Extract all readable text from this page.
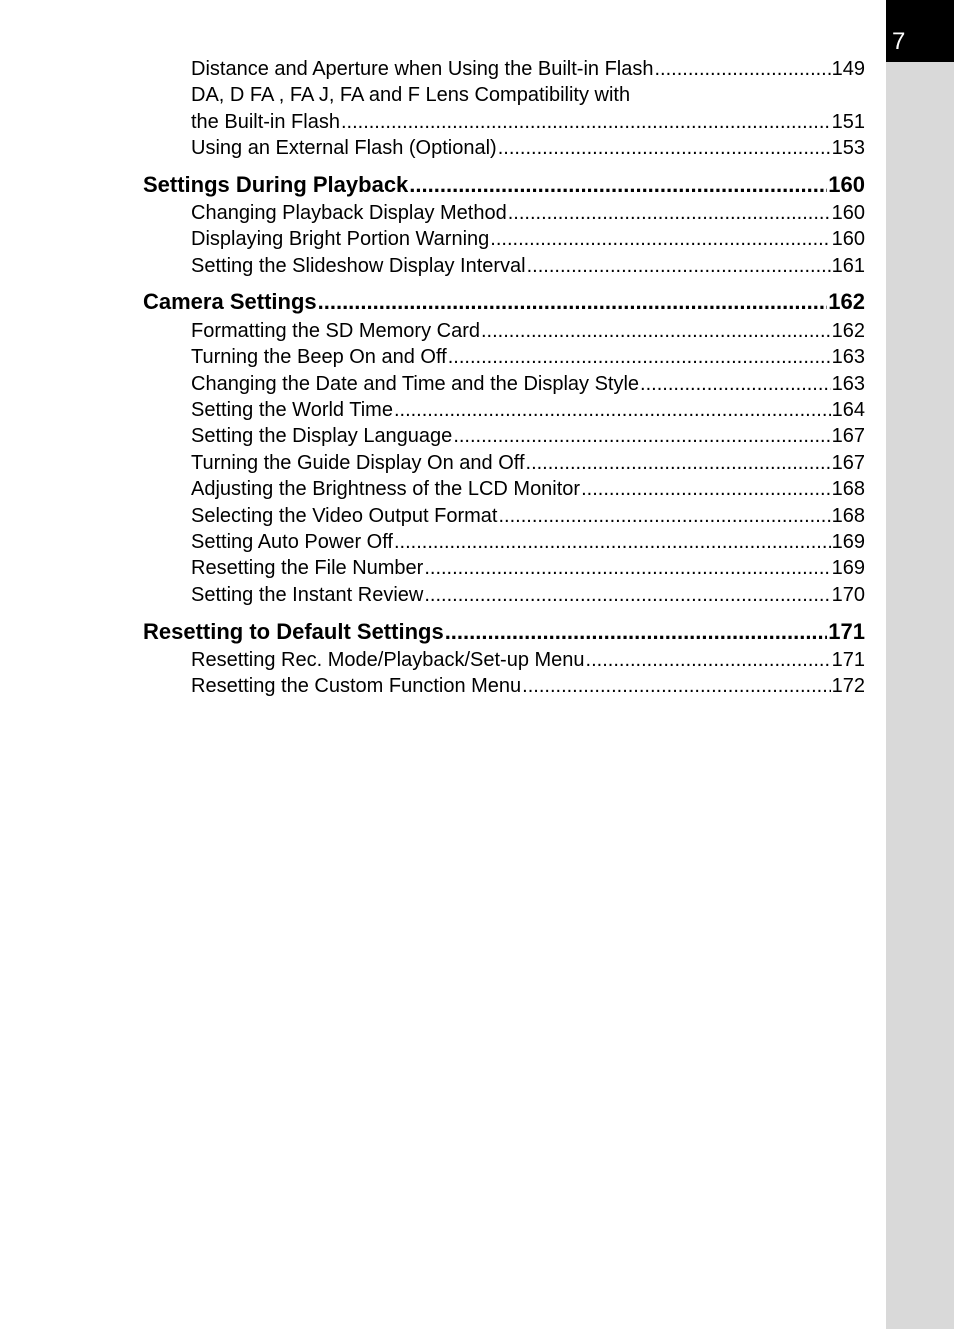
7
Distance and Aperture when Using the Built-in Flash .....	149
DA, D FA , FA J, FA and F Lens Compatibility with
the Built-in Flash .....	151
Using an External Flash (Optional) .....	153
Settings During Playback .....	160
Changing Playback Display Method .....	160
Displaying Bright Portion Warning .....	160
Setting the Slideshow Display Interval .....	161
Camera Settings .....	162
Formatting the SD Memory Card .....	162
Turning the Beep On and Off .....	163
Changing the Date and Time and the Display Style .....	163
Setting the World Time .....	164
Setting the Display Language .....	167
Turning the Guide Display On and Off .....	167
Adjusting the Brightness of the LCD Monitor .....	168
Selecting the Video Output Format .....	168
Setting Auto Power Off .....	169
Resetting the File Number .....	169
Setting the Instant Review .....	170
Resetting to Default Settings .....	171
Resetting Rec. Mode/Playback/Set-up Menu .....	171
Resetting the Custom Function Menu .....	172
